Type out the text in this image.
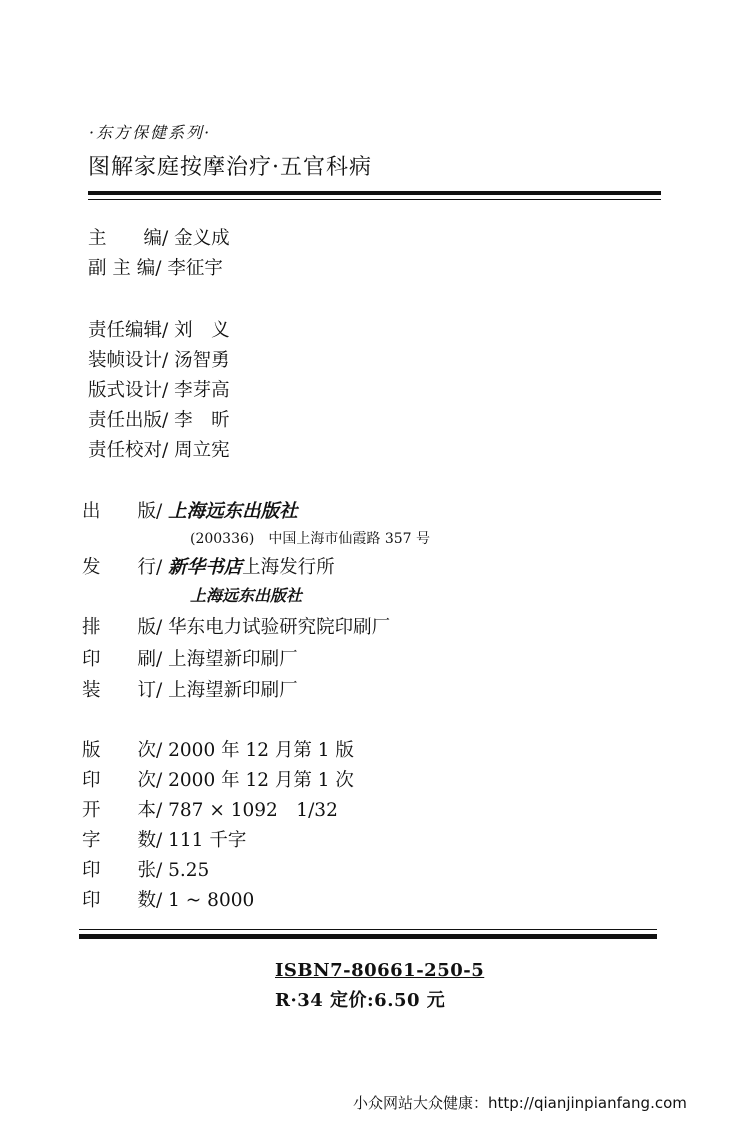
·东方保健系列·
图解家庭按摩治疗·五官科病
主　　编/ 金义成
副 主 编/ 李征宇
责任编辑/ 刘　义
装帧设计/ 汤智勇
版式设计/ 李芽高
责任出版/ 李　昕
责任校对/ 周立宪
出　　版/ 上海远东出版社
(200336)　中国上海市仙霞路 357 号
发　　行/ 新华书店上海发行所
上海远东出版社
排　　版/ 华东电力试验研究院印刷厂
印　　刷/ 上海望新印刷厂
装　　订/ 上海望新印刷厂
版　　次/ 2000 年 12 月第 1 版
印　　次/ 2000 年 12 月第 1 次
开　　本/ 787 × 1092　1/32
字　　数/ 111 千字
印　　张/ 5.25
印　　数/ 1 ~ 8000
ISBN7-80661-250-5
R·34 定价:6.50 元
小众网站大众健康：http://qianjinpianfang.com
